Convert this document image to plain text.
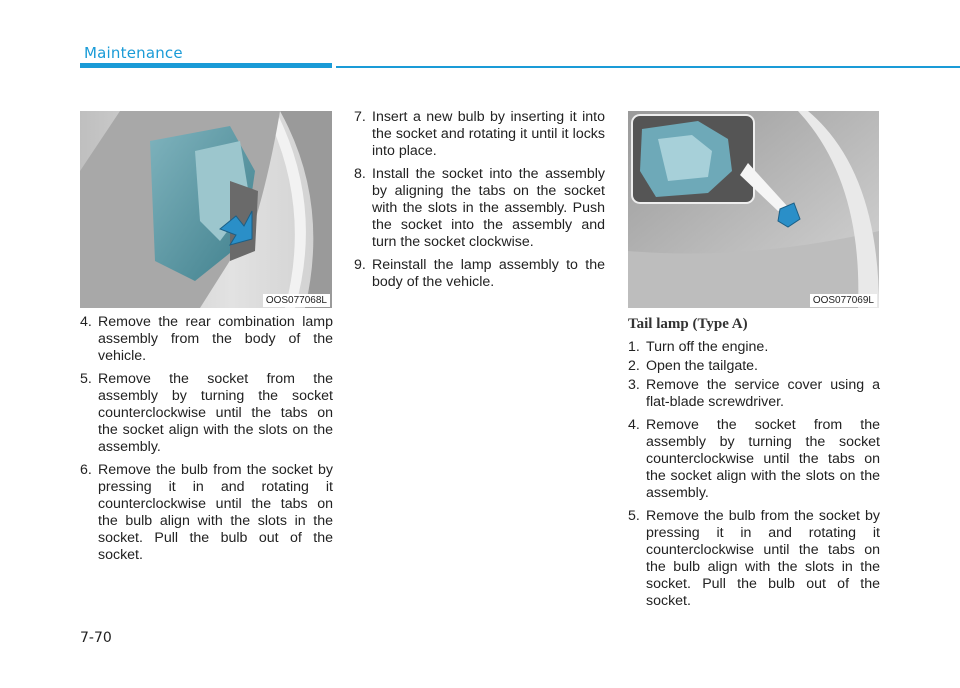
Maintenance
OOS077068L	OOS077069L
4. Remove the rear combination lamp assembly from the body of the vehicle.
5. Remove the socket from the assembly by turning the socket counterclockwise until the tabs on the socket align with the slots on the assembly.
6. Remove the bulb from the socket by pressing it in and rotating it counterclockwise until the tabs on the bulb align with the slots in the socket. Pull the bulb out of the socket.
7. Insert a new bulb by inserting it into the socket and rotating it until it locks into place.
8. Install the socket into the assembly by aligning the tabs on the socket with the slots in the assembly. Push the socket into the assembly and turn the socket clockwise.
9. Reinstall the lamp assembly to the body of the vehicle.
Tail lamp (Type A)
1. Turn off the engine.
2. Open the tailgate.
3. Remove the service cover using a flat-blade screwdriver.
4. Remove the socket from the assembly by turning the socket counterclockwise until the tabs on the socket align with the slots on the assembly.
5. Remove the bulb from the socket by pressing it in and rotating it counterclockwise until the tabs on the bulb align with the slots in the socket. Pull the bulb out of the socket.
7-70
